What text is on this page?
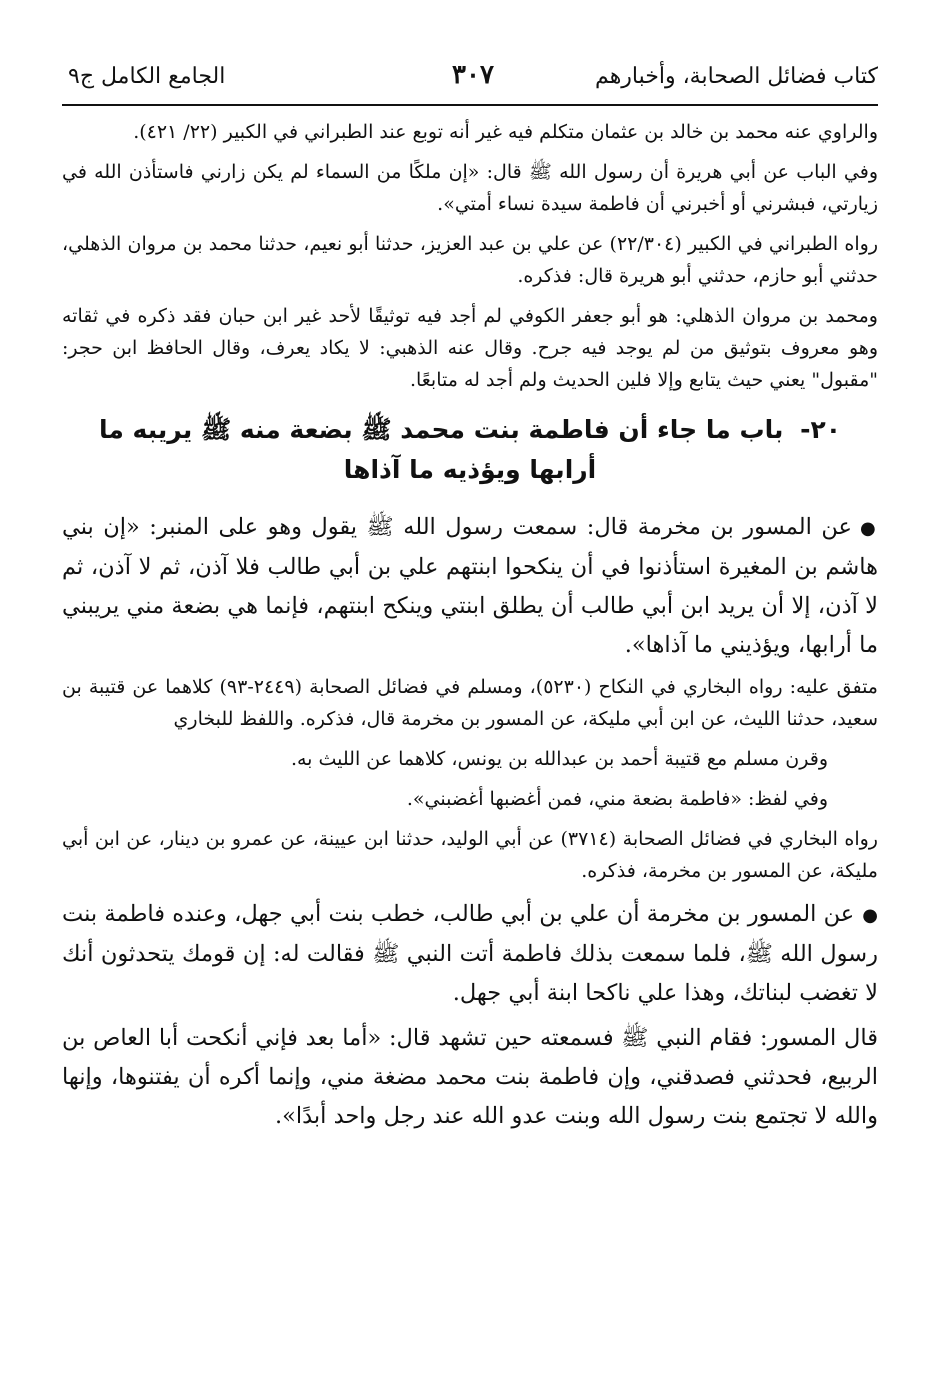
كتاب فضائل الصحابة، وأخبارهم
٣٠٧
الجامع الكامل ج٩

والراوي عنه محمد بن خالد بن عثمان متكلم فيه غير أنه توبع عند الطبراني في الكبير (٢٢/ ٤٢١).

وفي الباب عن أبي هريرة أن رسول الله ﷺ قال: «إن ملكًا من السماء لم يكن زارني فاستأذن الله في زيارتي، فبشرني أو أخبرني أن فاطمة سيدة نساء أمتي».

رواه الطبراني في الكبير (٢٢/٣٠٤) عن علي بن عبد العزيز، حدثنا أبو نعيم، حدثنا محمد بن مروان الذهلي، حدثني أبو حازم، حدثني أبو هريرة قال: فذكره.

ومحمد بن مروان الذهلي: هو أبو جعفر الكوفي لم أجد فيه توثيقًا لأحد غير ابن حبان فقد ذكره في ثقاته وهو معروف بتوثيق من لم يوجد فيه جرح. وقال عنه الذهبي: لا يكاد يعرف، وقال الحافظ ابن حجر: "مقبول" يعني حيث يتابع وإلا فلين الحديث ولم أجد له متابعًا.

٢٠- باب ما جاء أن فاطمة بنت محمد ﷺ بضعة منه ﷺ يريبه ما أرابها ويؤذيه ما آذاها

●عن المسور بن مخرمة قال: سمعت رسول الله ﷺ يقول وهو على المنبر: «إن بني هاشم بن المغيرة استأذنوا في أن ينكحوا ابنتهم علي بن أبي طالب فلا آذن، ثم لا آذن، ثم لا آذن، إلا أن يريد ابن أبي طالب أن يطلق ابنتي وينكح ابنتهم، فإنما هي بضعة مني يريبني ما أرابها، ويؤذيني ما آذاها».

متفق عليه: رواه البخاري في النكاح (٥٢٣٠)، ومسلم في فضائل الصحابة (٢٤٤٩-٩٣) كلاهما عن قتيبة بن سعيد، حدثنا الليث، عن ابن أبي مليكة، عن المسور بن مخرمة قال، فذكره. واللفظ للبخاري

وقرن مسلم مع قتيبة أحمد بن عبدالله بن يونس، كلاهما عن الليث به.

وفي لفظ: «فاطمة بضعة مني، فمن أغضبها أغضبني».

رواه البخاري في فضائل الصحابة (٣٧١٤) عن أبي الوليد، حدثنا ابن عيينة، عن عمرو بن دينار، عن ابن أبي مليكة، عن المسور بن مخرمة، فذكره.

●عن المسور بن مخرمة أن علي بن أبي طالب، خطب بنت أبي جهل، وعنده فاطمة بنت رسول الله ﷺ، فلما سمعت بذلك فاطمة أتت النبي ﷺ فقالت له: إن قومك يتحدثون أنك لا تغضب لبناتك، وهذا علي ناكحا ابنة أبي جهل.

قال المسور: فقام النبي ﷺ فسمعته حين تشهد قال: «أما بعد فإني أنكحت أبا العاص بن الربيع، فحدثني فصدقني، وإن فاطمة بنت محمد مضغة مني، وإنما أكره أن يفتنوها، وإنها والله لا تجتمع بنت رسول الله وبنت عدو الله عند رجل واحد أبدًا».
